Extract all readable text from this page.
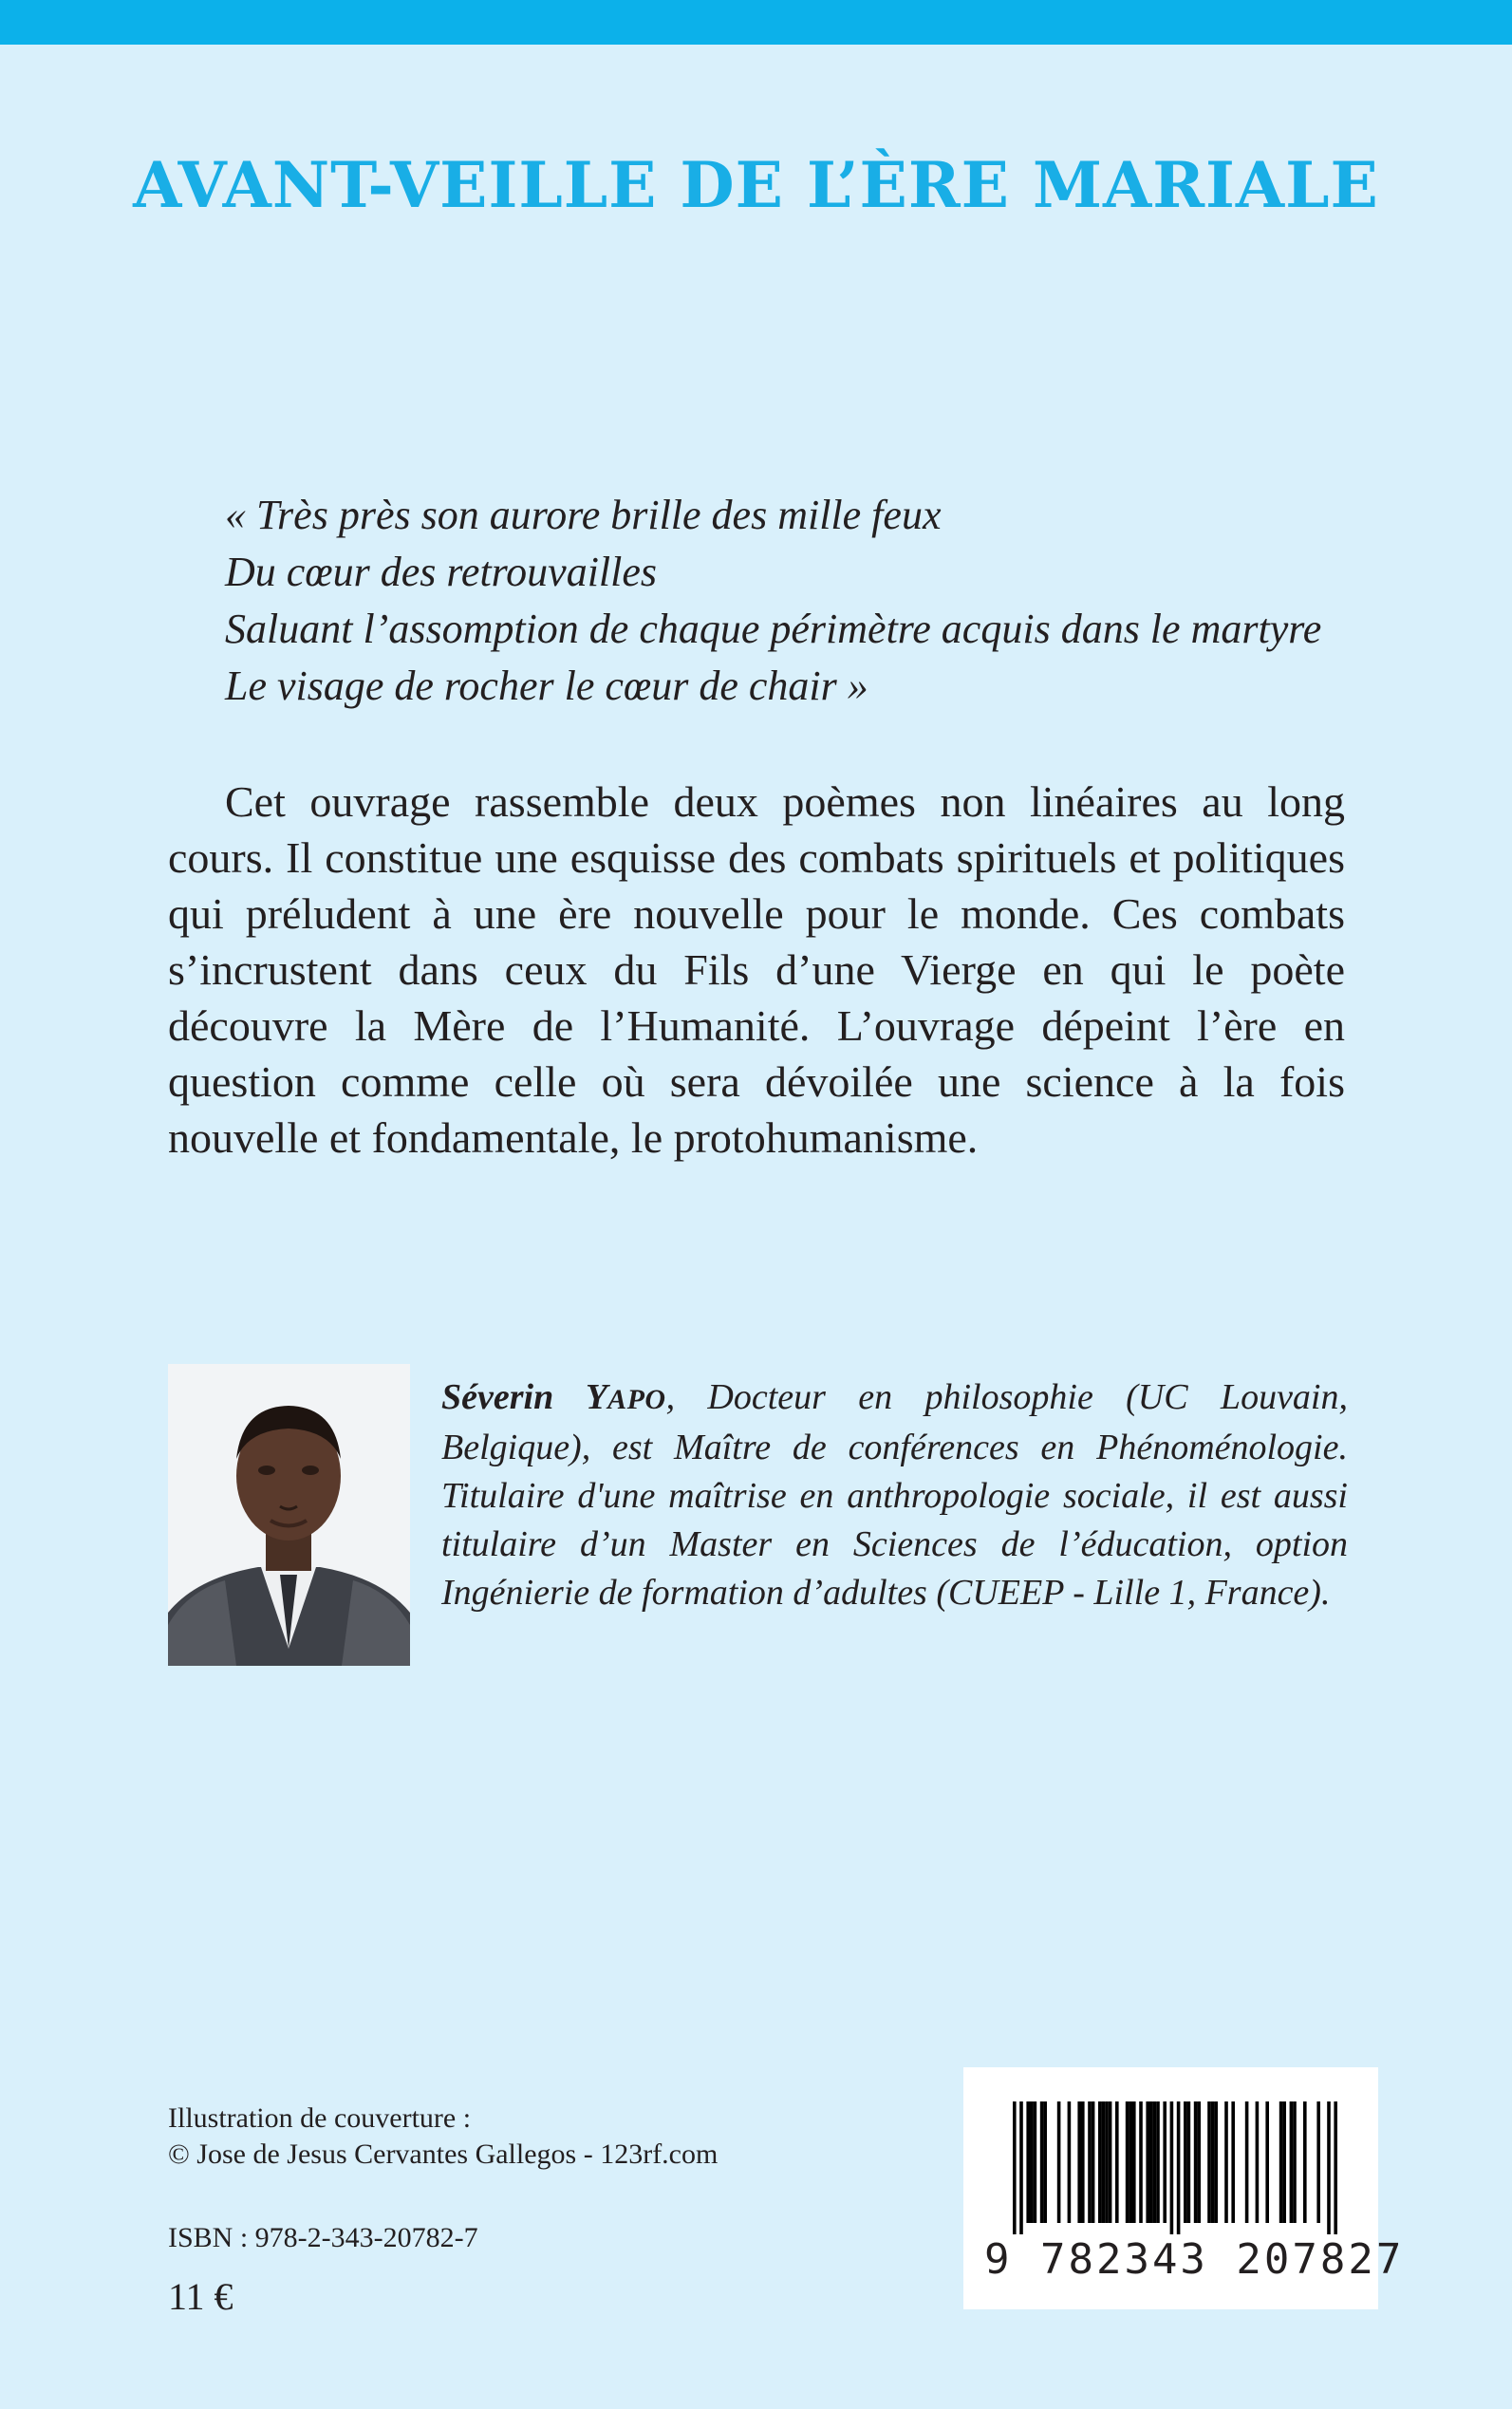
AVANT-VEILLE DE L’ÈRE MARIALE
« Très près son aurore brille des mille feux
Du cœur des retrouvailles
Saluant l’assomption de chaque périmètre acquis dans le martyre
Le visage de rocher le cœur de chair »

Cet ouvrage rassemble deux poèmes non linéaires au long cours. Il constitue une esquisse des combats spirituels et politiques qui préludent à une ère nouvelle pour le monde. Ces combats s’incrustent dans ceux du Fils d’une Vierge en qui le poète découvre la Mère de l’Humanité. L’ouvrage dépeint l’ère en question comme celle où sera dévoilée une science à la fois nouvelle et fondamentale, le protohumanisme.

Séverin YAPO, Docteur en philosophie (UC Louvain, Belgique), est Maître de conférences en Phénoménologie. Titulaire d'une maîtrise en anthropologie sociale, il est aussi titulaire d’un Master en Sciences de l’éducation, option Ingénierie de formation d’adultes (CUEEP - Lille 1, France).

Illustration de couverture :
© Jose de Jesus Cervantes Gallegos - 123rf.com
ISBN : 978-2-343-20782-7
11 €
9 782343 207827
